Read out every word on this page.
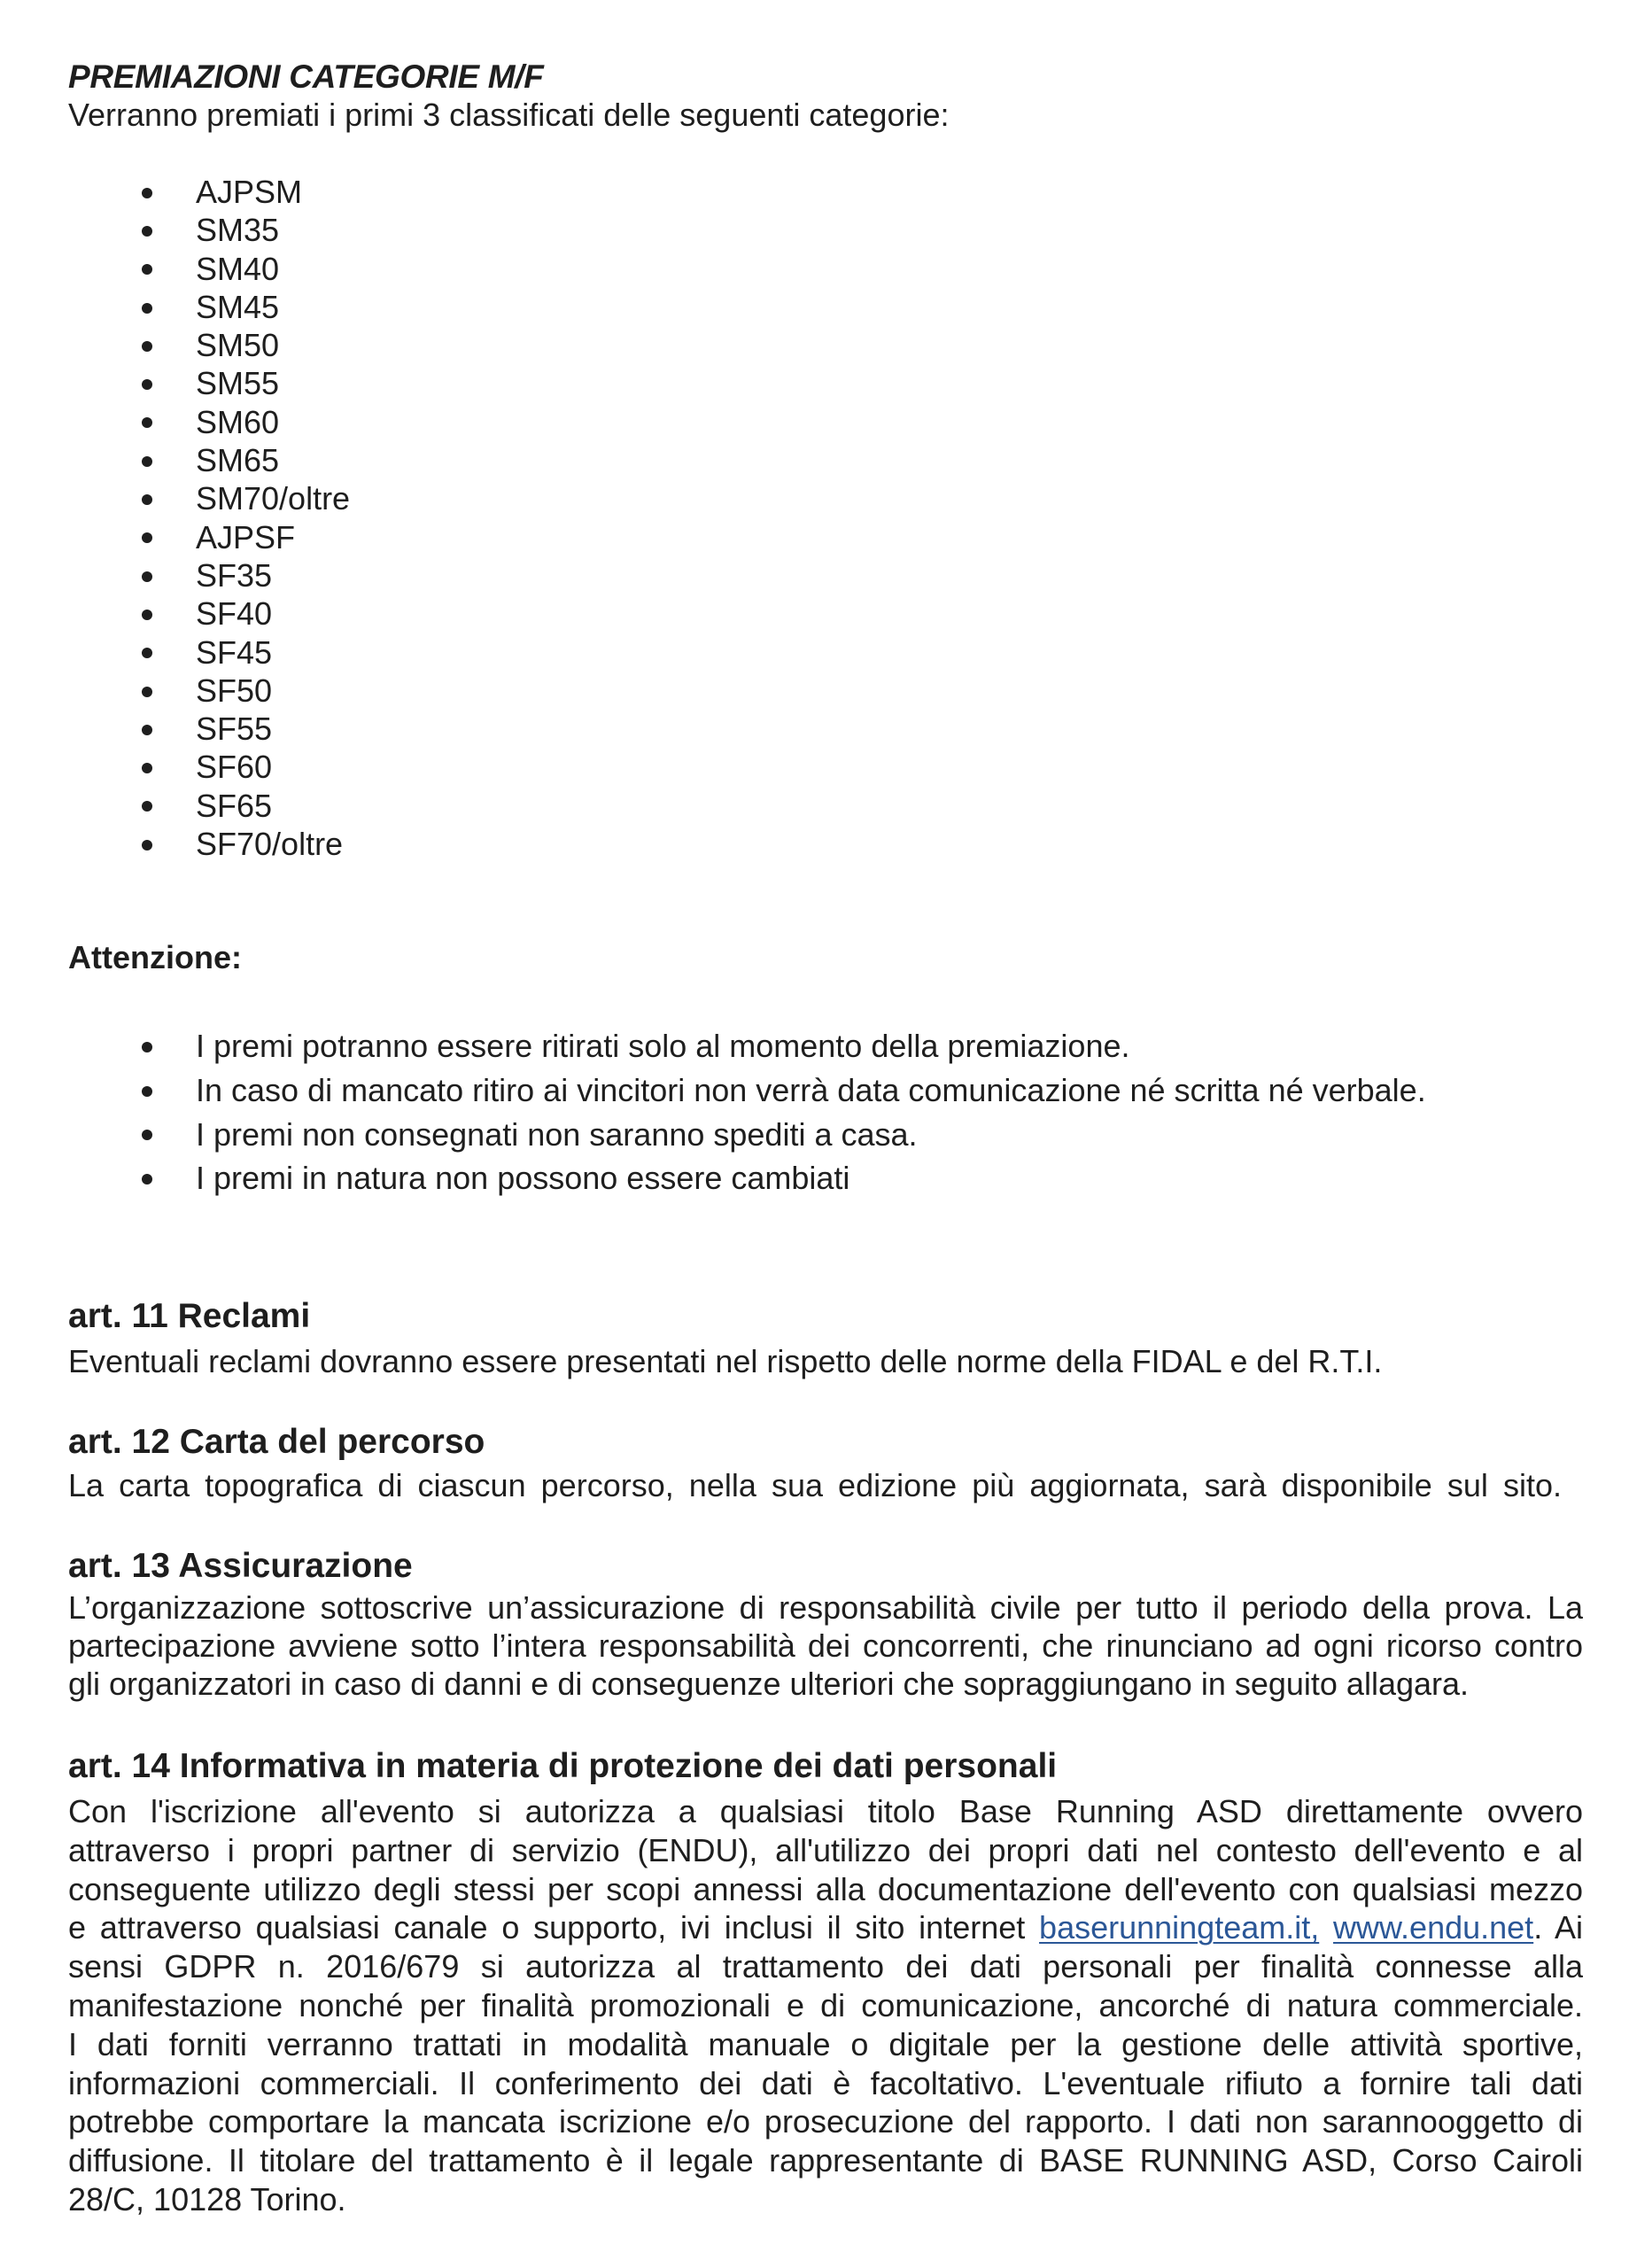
PREMIAZIONI CATEGORIE M/F
Verranno premiati i primi 3 classificati delle seguenti categorie:
AJPSM
SM35
SM40
SM45
SM50
SM55
SM60
SM65
SM70/oltre
AJPSF
SF35
SF40
SF45
SF50
SF55
SF60
SF65
SF70/oltre
Attenzione:
I premi potranno essere ritirati solo al momento della premiazione.
In caso di mancato ritiro ai vincitori non verrà data comunicazione né scritta né verbale.
I premi non consegnati non saranno spediti a casa.
I premi in natura non possono essere cambiati
art. 11 Reclami
Eventuali reclami dovranno essere presentati nel rispetto delle norme della FIDAL e del R.T.I.
art. 12 Carta del percorso
La carta topografica di ciascun percorso, nella sua edizione più aggiornata, sarà disponibile sul sito.
art. 13 Assicurazione
L’organizzazione sottoscrive un’assicurazione di responsabilità civile per tutto il periodo della prova. La
partecipazione avviene sotto l’intera responsabilità dei concorrenti, che rinunciano ad ogni ricorso contro
gli organizzatori in caso di danni e di conseguenze ulteriori che sopraggiungano in seguito allagara.
art. 14 Informativa in materia di protezione dei dati personali
Con l'iscrizione all'evento si autorizza a qualsiasi titolo Base Running ASD direttamente ovvero
attraverso i propri partner di servizio (ENDU), all'utilizzo dei propri dati nel contesto dell'evento e al
conseguente utilizzo degli stessi per scopi annessi alla documentazione dell'evento con qualsiasi mezzo
e attraverso qualsiasi canale o supporto, ivi inclusi il sito internet baserunningteam.it, www.endu.net. Ai
sensi GDPR n. 2016/679 si autorizza al trattamento dei dati personali per finalità connesse alla
manifestazione nonché per finalità promozionali e di comunicazione, ancorché di natura commerciale.
I dati forniti verranno trattati in modalità manuale o digitale per la gestione delle attività sportive,
informazioni commerciali. Il conferimento dei dati è facoltativo. L'eventuale rifiuto a fornire tali dati
potrebbe comportare la mancata iscrizione e/o prosecuzione del rapporto. I dati non sarannooggetto di
diffusione. Il titolare del trattamento è il legale rappresentante di BASE RUNNING ASD, Corso Cairoli
28/C, 10128 Torino.
